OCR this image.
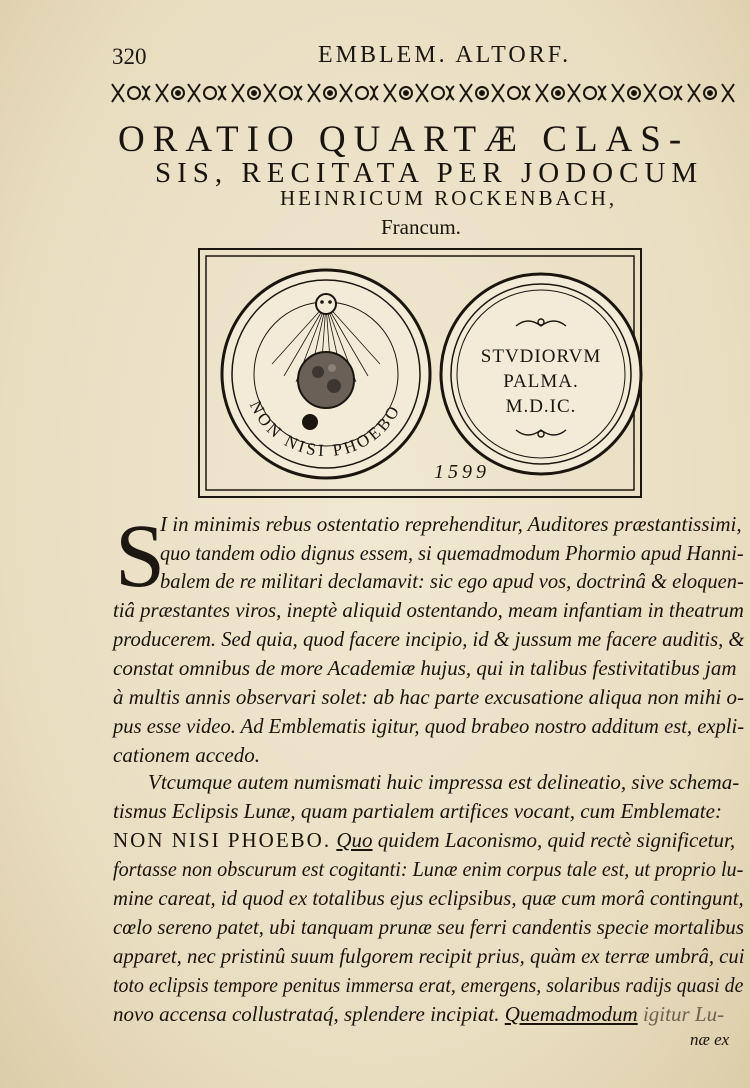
320	EMBLEM. ALTORF.
ORATIO QUARTÆ CLAS-
SIS, RECITATA PER JODOCUM
HEINRICUM ROCKENBACH,
Francum.
NON NISI PHOEBO
STVDIORVM
PALMA.
M.D.IC.
1599
S
I in minimis rebus ostentatio reprehenditur, Auditores præstantissimi,
quo tandem odio dignus essem, si quemadmodum Phormio apud Hanni-
balem de re militari declamavit: sic ego apud vos, doctrinâ & eloquen-
tiâ præstantes viros, ineptè aliquid ostentando, meam infantiam in theatrum
producerem. Sed quia, quod facere incipio, id & jussum me facere auditis, &
constat omnibus de more Academiæ hujus, qui in talibus festivitatibus jam
à multis annis observari solet: ab hac parte excusatione aliqua non mihi o-
pus esse video. Ad Emblematis igitur, quod brabeo nostro additum est, expli-
cationem accedo.
Vtcumque autem numismati huic impressa est delineatio, sive schema-
tismus Eclipsis Lunæ, quam partialem artifices vocant, cum Emblemate:
NON NISI PHOEBO. Quo quidem Laconismo, quid rectè significetur,
fortasse non obscurum est cogitanti: Lunæ enim corpus tale est, ut proprio lu-
mine careat, id quod ex totalibus ejus eclipsibus, quæ cum morâ contingunt,
cœlo sereno patet, ubi tanquam prunæ seu ferri candentis specie mortalibus
apparet, nec pristinû suum fulgorem recipit prius, quàm ex terræ umbrâ, cui
toto eclipsis tempore penitus immersa erat, emergens, solaribus radijs quasi de
novo accensa collustrataq́, splendere incipiat. Quemadmodum igitur Lu-
næ ex
